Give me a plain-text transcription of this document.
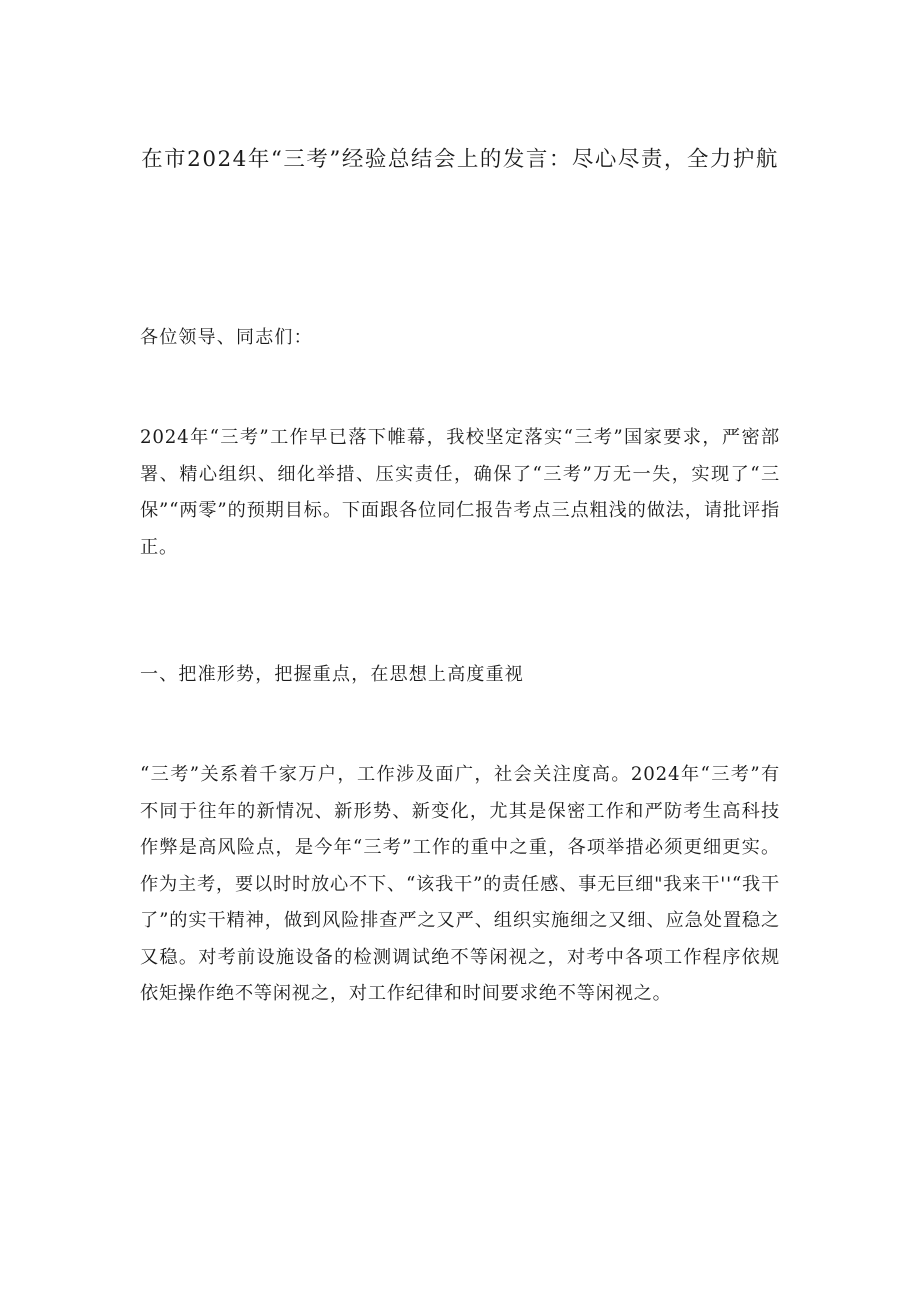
在市2024年“三考”经验总结会上的发言：尽心尽责，全力护航

各位领导、同志们：

2024年“三考”工作早已落下帷幕，我校坚定落实“三考”国家要求，严密部署、精心组织、细化举措、压实责任，确保了“三考”万无一失，实现了“三保”“两零”的预期目标。下面跟各位同仁报告考点三点粗浅的做法，请批评指正。

一、把准形势，把握重点，在思想上高度重视

“三考”关系着千家万户，工作涉及面广，社会关注度高。2024年“三考”有不同于往年的新情况、新形势、新变化，尤其是保密工作和严防考生高科技作弊是高风险点，是今年“三考”工作的重中之重，各项举措必须更细更实。作为主考，要以时时放心不下、“该我干”的责任感、事无巨细"我来干''“我干了”的实干精神，做到风险排查严之又严、组织实施细之又细、应急处置稳之又稳。对考前设施设备的检测调试绝不等闲视之，对考中各项工作程序依规依矩操作绝不等闲视之，对工作纪律和时间要求绝不等闲视之。
